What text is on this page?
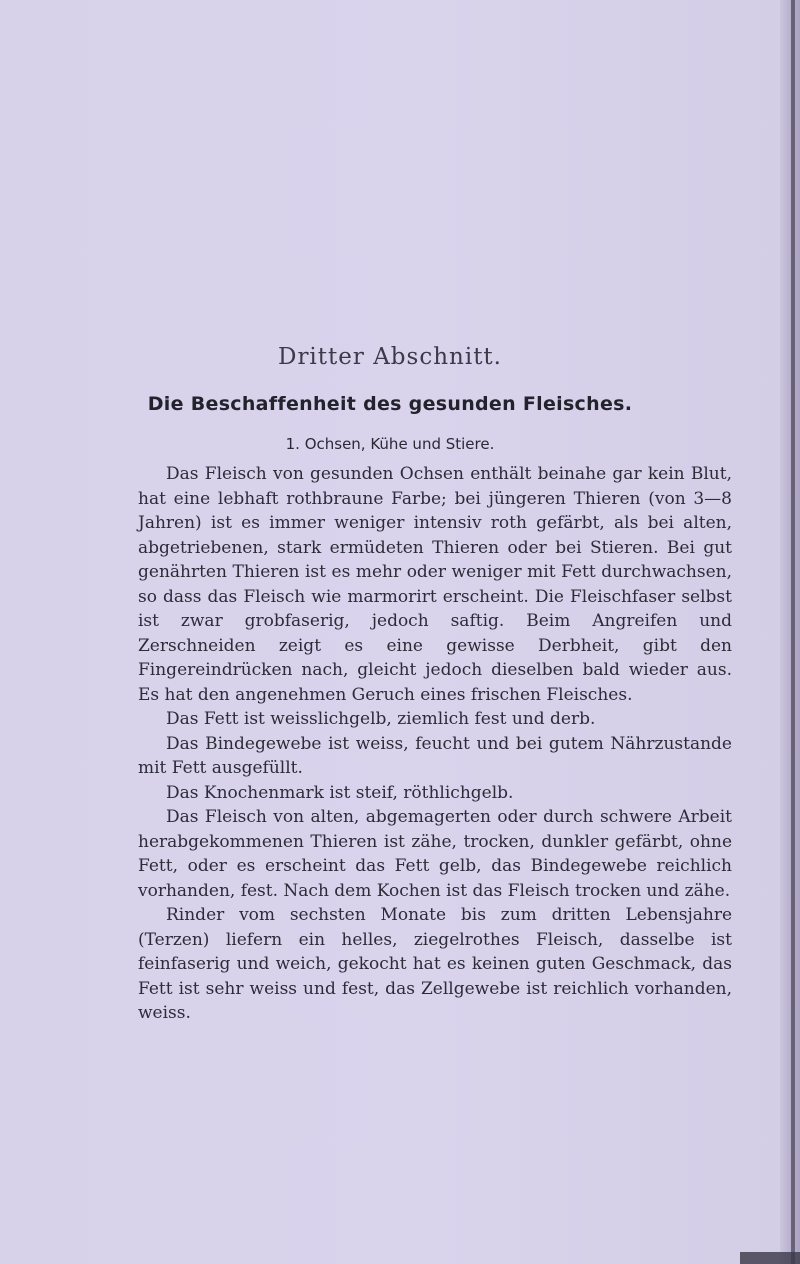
Dritter Abschnitt.
Die Beschaffenheit des gesunden Fleisches.
1. Ochsen, Kühe und Stiere.

Das Fleisch von gesunden Ochsen enthält beinahe gar kein Blut, hat eine lebhaft rothbraune Farbe; bei jüngeren Thieren (von 3—8 Jahren) ist es immer weniger intensiv roth gefärbt, als bei alten, abgetriebenen, stark ermüdeten Thieren oder bei Stieren. Bei gut genährten Thieren ist es mehr oder weniger mit Fett durchwachsen, so dass das Fleisch wie marmorirt erscheint. Die Fleischfaser selbst ist zwar grobfaserig, jedoch saftig. Beim Angreifen und Zerschneiden zeigt es eine gewisse Derbheit, gibt den Fingereindrücken nach, gleicht jedoch dieselben bald wieder aus. Es hat den angenehmen Geruch eines frischen Fleisches.

Das Fett ist weisslichgelb, ziemlich fest und derb.

Das Bindegewebe ist weiss, feucht und bei gutem Nährzustande mit Fett ausgefüllt.

Das Knochenmark ist steif, röthlichgelb.

Das Fleisch von alten, abgemagerten oder durch schwere Arbeit herabgekommenen Thieren ist zähe, trocken, dunkler gefärbt, ohne Fett, oder es erscheint das Fett gelb, das Bindegewebe reichlich vorhanden, fest. Nach dem Kochen ist das Fleisch trocken und zähe.

Rinder vom sechsten Monate bis zum dritten Lebensjahre (Terzen) liefern ein helles, ziegelrothes Fleisch, dasselbe ist feinfaserig und weich, gekocht hat es keinen guten Geschmack, das Fett ist sehr weiss und fest, das Zellgewebe ist reichlich vorhanden, weiss.
